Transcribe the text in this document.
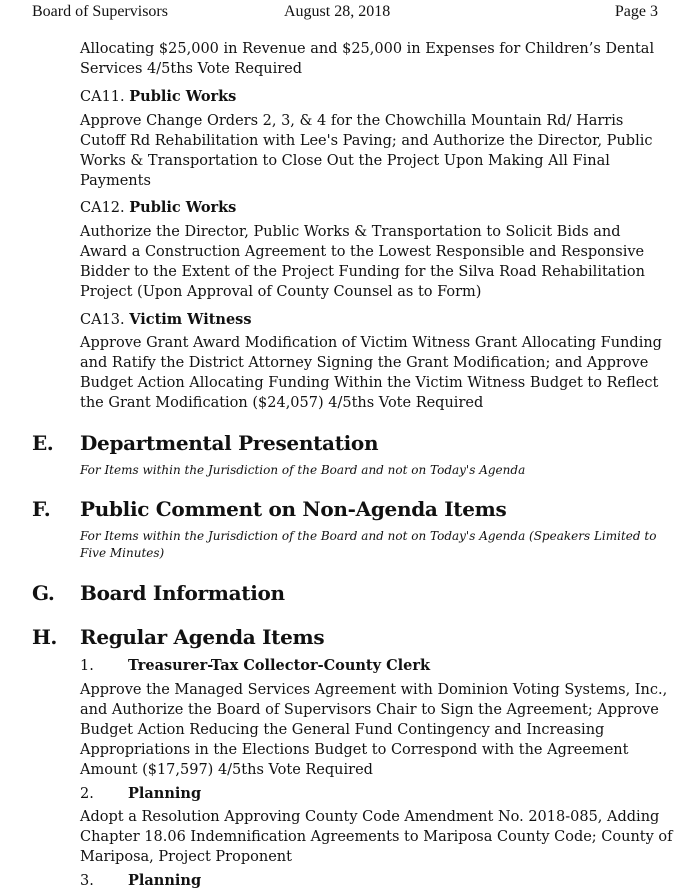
Board of Supervisors	August 28, 2018	Page 3
Allocating $25,000 in Revenue and $25,000 in Expenses for Children’s Dental
Services 4/5ths Vote Required
CA11. Public Works
Approve Change Orders 2, 3, & 4 for the Chowchilla Mountain Rd/ Harris
Cutoff Rd Rehabilitation with Lee's Paving; and Authorize the Director, Public
Works & Transportation to Close Out the Project Upon Making All Final
Payments
CA12. Public Works
Authorize the Director, Public Works & Transportation to Solicit Bids and
Award a Construction Agreement to the Lowest Responsible and Responsive
Bidder to the Extent of the Project Funding for the Silva Road Rehabilitation
Project (Upon Approval of County Counsel as to Form)
CA13. Victim Witness
Approve Grant Award Modification of Victim Witness Grant Allocating Funding
and Ratify the District Attorney Signing the Grant Modification; and Approve
Budget Action Allocating Funding Within the Victim Witness Budget to Reflect
the Grant Modification ($24,057) 4/5ths Vote Required
E. Departmental Presentation
For Items within the Jurisdiction of the Board and not on Today's Agenda
F. Public Comment on Non-Agenda Items
For Items within the Jurisdiction of the Board and not on Today's Agenda (Speakers Limited to
Five Minutes)
G. Board Information
H. Regular Agenda Items
1. Treasurer-Tax Collector-County Clerk
Approve the Managed Services Agreement with Dominion Voting Systems, Inc.,
and Authorize the Board of Supervisors Chair to Sign the Agreement; Approve
Budget Action Reducing the General Fund Contingency and Increasing
Appropriations in the Elections Budget to Correspond with the Agreement
Amount ($17,597) 4/5ths Vote Required
2. Planning
Adopt a Resolution Approving County Code Amendment No. 2018-085, Adding
Chapter 18.06 Indemnification Agreements to Mariposa County Code; County of
Mariposa, Project Proponent
3. Planning
